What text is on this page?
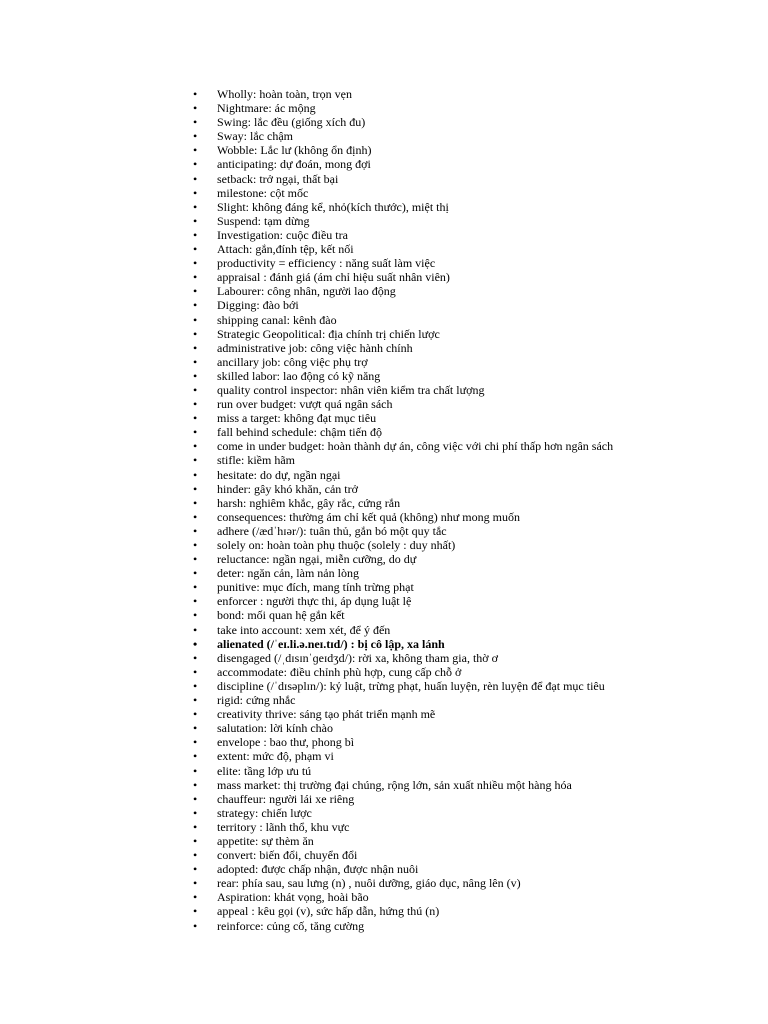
• Wholly: hoàn toàn, trọn vẹn
• Nightmare: ác mộng
• Swing: lắc đều (giống xích đu)
• Sway: lắc chậm
• Wobble: Lắc lư (không ổn định)
• anticipating: dự đoán, mong đợi
• setback: trở ngại, thất bại
• milestone: cột mốc
• Slight: không đáng kể, nhỏ(kích thước), miệt thị
• Suspend: tạm dừng
• Investigation: cuộc điều tra
• Attach: gắn,đính tệp, kết nối
• productivity = efficiency : năng suất làm việc
• appraisal : đánh giá (ám chỉ hiệu suất nhân viên)
• Labourer: công nhân, người lao động
• Digging: đào bới
• shipping canal: kênh đào
• Strategic Geopolitical: địa chính trị chiến lược
• administrative job: công việc hành chính
• ancillary job: công việc phụ trợ
• skilled labor: lao động có kỹ năng
• quality control inspector: nhân viên kiểm tra chất lượng
• run over budget: vượt quá ngân sách
• miss a target: không đạt mục tiêu
• fall behind schedule: chậm tiến độ
• come in under budget: hoàn thành dự án, công việc với chi phí thấp hơn ngân sách
• stifle: kiềm hãm
• hesitate: do dự, ngần ngại
• hinder: gây khó khăn, cản trở
• harsh: nghiêm khắc, gây rắc, cứng rắn
• consequences: thường ám chỉ kết quả (không) như mong muốn
• adhere (/ædˈhɪər/): tuân thủ, gắn bó một quy tắc
• solely on: hoàn toàn phụ thuộc (solely : duy nhất)
• reluctance: ngần ngại, miễn cưỡng, do dự
• deter: ngăn cản, làm nản lòng
• punitive: mục đích, mang tính trừng phạt
• enforcer : người thực thi, áp dụng luật lệ
• bond: mối quan hệ gắn kết
• take into account: xem xét, để ý đến
• alienated (/ˈeɪ.li.ə.neɪ.tɪd/) : bị cô lập, xa lánh
• disengaged (/ˌdɪsɪnˈɡeɪdʒd/): rời xa, không tham gia, thờ ơ
• accommodate: điều chỉnh phù hợp, cung cấp chỗ ở
• discipline (/ˈdɪsəplɪn/): kỷ luật, trừng phạt, huấn luyện, rèn luyện để đạt mục tiêu
• rigid: cứng nhắc
• creativity thrive: sáng tạo phát triển mạnh mẽ
• salutation: lời kính chào
• envelope : bao thư, phong bì
• extent: mức độ, phạm vi
• elite: tầng lớp ưu tú
• mass market: thị trường đại chúng, rộng lớn, sản xuất nhiều một hàng hóa
• chauffeur: người lái xe riêng
• strategy: chiến lược
• territory : lãnh thổ, khu vực
• appetite: sự thèm ăn
• convert: biến đổi, chuyển đổi
• adopted: được chấp nhận, được nhận nuôi
• rear: phía sau, sau lưng (n) , nuôi dưỡng, giáo dục, nâng lên (v)
• Aspiration: khát vọng, hoài bão
• appeal : kêu gọi (v), sức hấp dẫn, hứng thú (n)
• reinforce: củng cố, tăng cường
